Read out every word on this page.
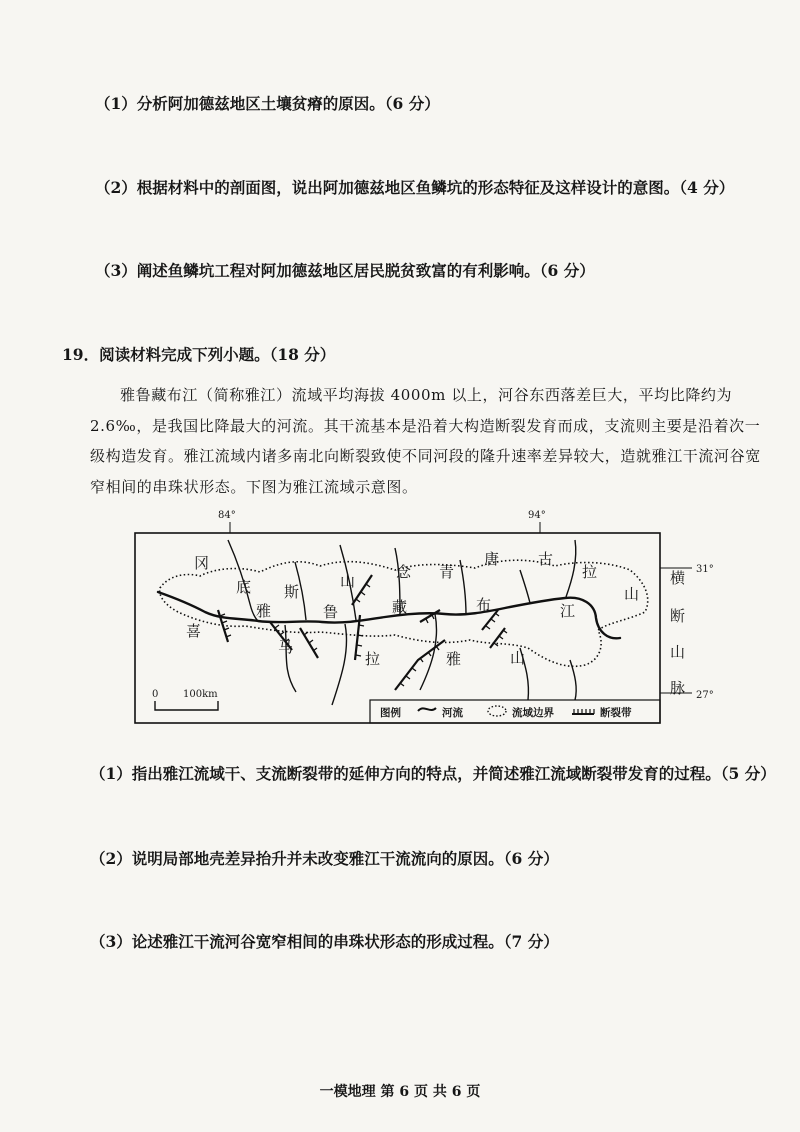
（1）分析阿加德兹地区土壤贫瘠的原因。（6 分）
（2）根据材料中的剖面图，说出阿加德兹地区鱼鳞坑的形态特征及这样设计的意图。（4 分）
（3）阐述鱼鳞坑工程对阿加德兹地区居民脱贫致富的有利影响。（6 分）
19．阅读材料完成下列小题。（18 分）

雅鲁藏布江（简称雅江）流域平均海拔 4000m 以上，河谷东西落差巨大，平均比降约为 2.6‰，是我国比降最大的河流。其干流基本是沿着大构造断裂发育而成，支流则主要是沿着次一级构造发育。雅江流域内诸多南北向断裂致使不同河段的隆升速率差异较大，造就雅江干流河谷宽窄相间的串珠状形态。下图为雅江流域示意图。

84°	94°
31°
27°
冈
底 斯
山	念 青
唐	古
拉
山
雅	鲁	藏	布	江
喜
马
拉	雅	山
横
断
山
脉
0 100km
图例	河流	流域边界	断裂带
（1）指出雅江流域干、支流断裂带的延伸方向的特点，并简述雅江流域断裂带发育的过程。（5 分）
（2）说明局部地壳差异抬升并未改变雅江干流流向的原因。（6 分）
（3）论述雅江干流河谷宽窄相间的串珠状形态的形成过程。（7 分）
一模地理 第 6 页 共 6 页
